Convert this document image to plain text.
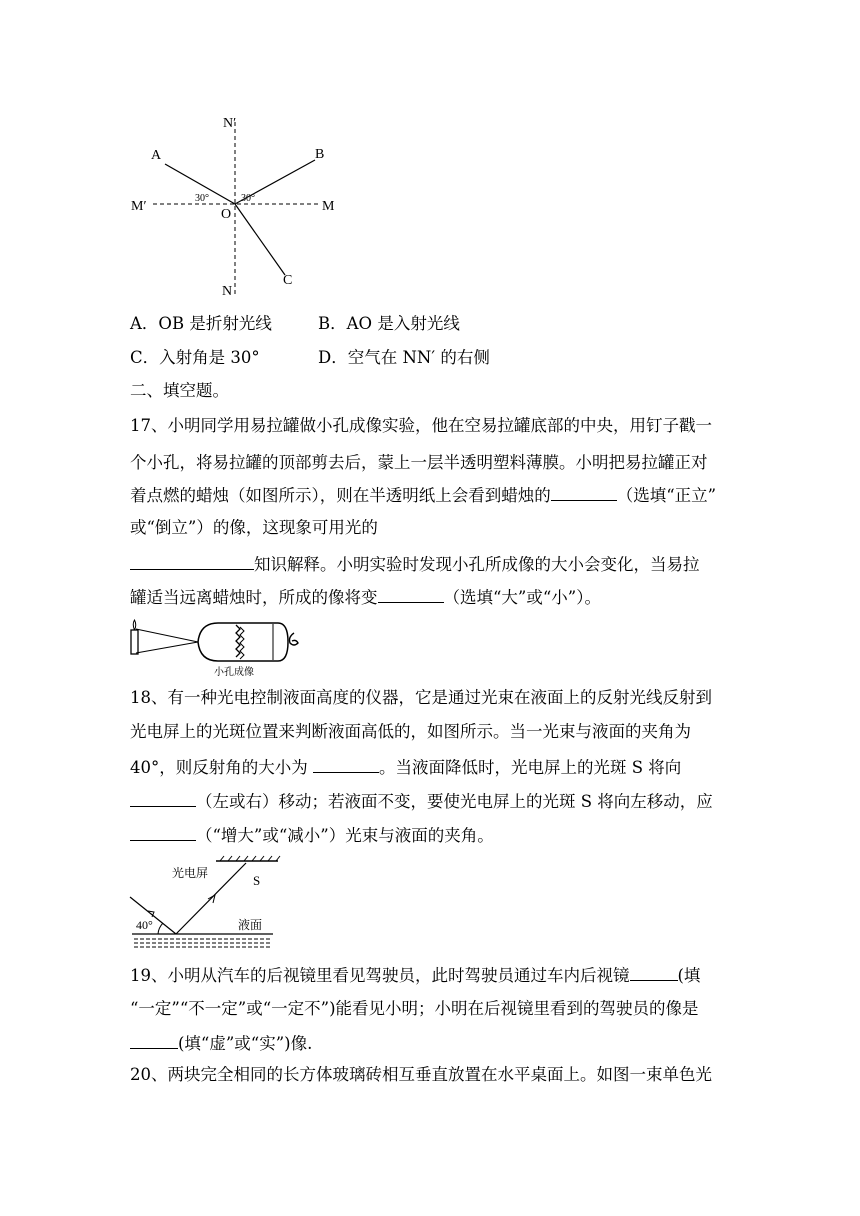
N′
A	B
M′	M
O
30°	30°
N
C
A．OB 是折射光线	B．AO 是入射光线
C．入射角是 30°	D．空气在 NN′ 的右侧
二、填空题。
17、小明同学用易拉罐做小孔成像实验，他在空易拉罐底部的中央，用钉子戳一
个小孔，将易拉罐的顶部剪去后，蒙上一层半透明塑料薄膜。小明把易拉罐正对
着点燃的蜡烛（如图所示），则在半透明纸上会看到蜡烛的	（选填“正立”
或“倒立”）的像，这现象可用光的
知识解释。小明实验时发现小孔所成像的大小会变化，当易拉
罐适当远离蜡烛时，所成的像将变	（选填“大”或“小”）。
小孔成像
18、有一种光电控制液面高度的仪器，它是通过光束在液面上的反射光线反射到
光电屏上的光斑位置来判断液面高低的，如图所示。当一光束与液面的夹角为
40°，则反射角的大小为	。当液面降低时，光电屏上的光斑 S 将向
（左或右）移动；若液面不变，要使光电屏上的光斑 S 将向左移动，应
（“增大”或“减小”）光束与液面的夹角。
光电屏	S
40°	液面
19、小明从汽车的后视镜里看见驾驶员，此时驾驶员通过车内后视镜	(填
“一定”“不一定”或“一定不”)能看见小明；小明在后视镜里看到的驾驶员的像是
(填“虚”或“实”)像.
20、两块完全相同的长方体玻璃砖相互垂直放置在水平桌面上。如图一束单色光
